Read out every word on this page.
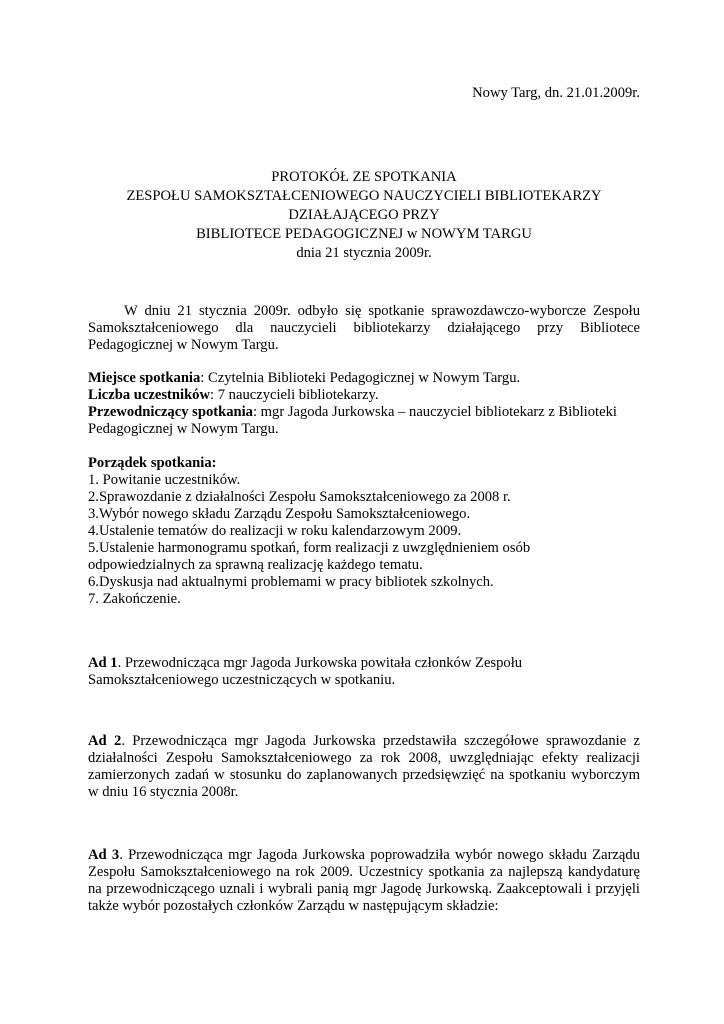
Nowy Targ, dn. 21.01.2009r.
PROTOKÓŁ ZE SPOTKANIA
ZESPOŁU SAMOKSZTAŁCENIOWEGO NAUCZYCIELI BIBLIOTEKARZY
DZIAŁAJĄCEGO PRZY
BIBLIOTECE PEDAGOGICZNEJ w NOWYM TARGU
dnia 21 stycznia 2009r.

W dniu 21 stycznia 2009r. odbyło się spotkanie sprawozdawczo-wyborcze Zespołu Samokształceniowego dla nauczycieli bibliotekarzy działającego przy Bibliotece Pedagogicznej w Nowym Targu.

Miejsce spotkania: Czytelnia Biblioteki Pedagogicznej w Nowym Targu.

Liczba uczestników: 7 nauczycieli bibliotekarzy.

Przewodniczący spotkania: mgr Jagoda Jurkowska – nauczyciel bibliotekarz z Biblioteki Pedagogicznej w Nowym Targu.

Porządek spotkania:

1. Powitanie uczestników.

2.Sprawozdanie z działalności Zespołu Samokształceniowego za 2008 r.

3.Wybór nowego składu Zarządu Zespołu Samokształceniowego.

4.Ustalenie tematów do realizacji w roku kalendarzowym 2009.

5.Ustalenie harmonogramu spotkań, form realizacji z uwzględnieniem osób

odpowiedzialnych za sprawną realizację każdego tematu.

6.Dyskusja nad aktualnymi problemami w pracy bibliotek szkolnych.

7. Zakończenie.

Ad 1. Przewodnicząca mgr Jagoda Jurkowska powitała członków Zespołu

Samokształceniowego uczestniczących w spotkaniu.

Ad 2. Przewodnicząca mgr Jagoda Jurkowska przedstawiła szczegółowe sprawozdanie z działalności Zespołu Samokształceniowego za rok 2008, uwzględniając efekty realizacji zamierzonych zadań w stosunku do zaplanowanych przedsięwzięć na spotkaniu wyborczym w dniu 16 stycznia 2008r.

Ad 3. Przewodnicząca mgr Jagoda Jurkowska poprowadziła wybór nowego składu Zarządu Zespołu Samokształceniowego na rok 2009. Uczestnicy spotkania za najlepszą kandydaturę na przewodniczącego uznali i wybrali panią mgr Jagodę Jurkowską. Zaakceptowali i przyjęli także wybór pozostałych członków Zarządu w następującym składzie:
